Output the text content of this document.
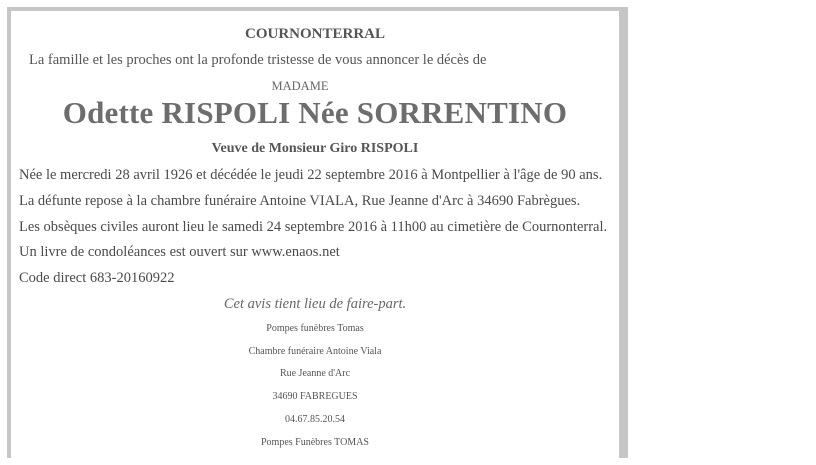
COURNONTERRAL

La famille et les proches ont la profonde tristesse de vous annoncer le décès de

MADAME

Odette RISPOLI Née SORRENTINO

Veuve de Monsieur Giro RISPOLI

Née le mercredi 28 avril 1926 et décédée le jeudi 22 septembre 2016 à Montpellier à l'âge de 90 ans.

La défunte repose à la chambre funéraire Antoine VIALA, Rue Jeanne d'Arc à 34690 Fabrègues.

Les obsèques civiles auront lieu le samedi 24 septembre 2016 à 11h00 au cimetière de Cournonterral.

Un livre de condoléances est ouvert sur www.enaos.net

Code direct 683-20160922

Cet avis tient lieu de faire-part.

Pompes funèbres Tomas

Chambre funéraire Antoine Viala

Rue Jeanne d'Arc

34690 FABREGUES

04.67.85.20.54

Pompes Funèbres TOMAS
